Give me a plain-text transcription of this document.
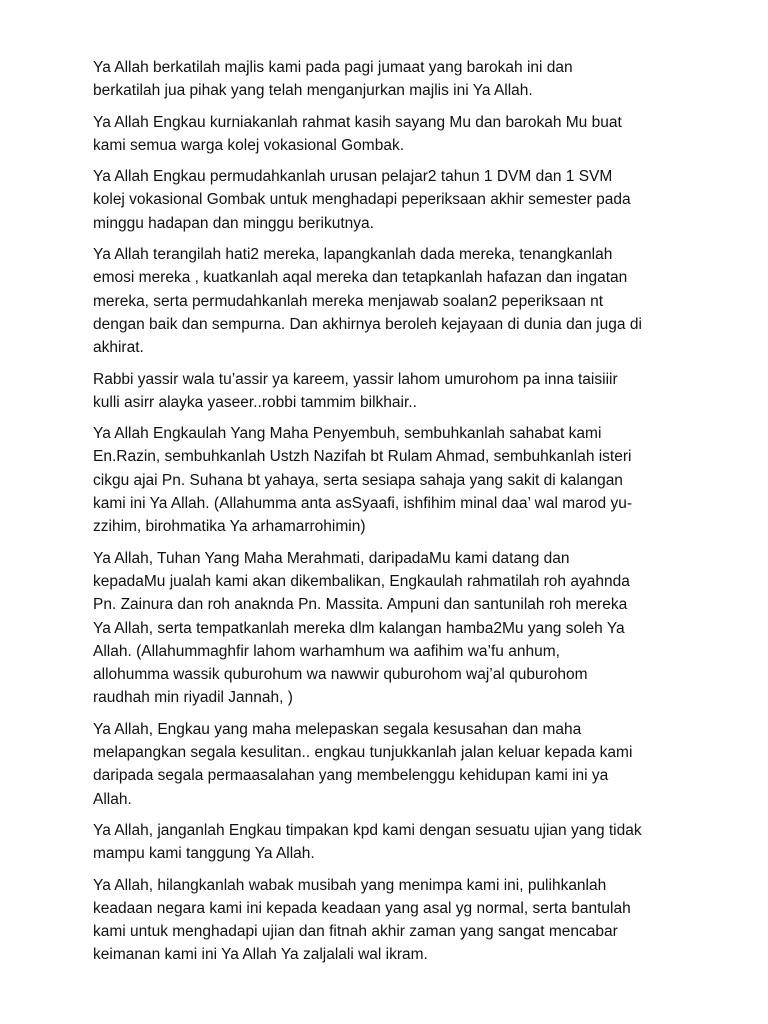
Ya Allah berkatilah majlis kami pada pagi jumaat yang barokah ini dan
berkatilah jua pihak yang telah menganjurkan majlis ini Ya Allah.

Ya Allah Engkau kurniakanlah rahmat kasih sayang Mu dan barokah Mu buat
kami semua warga kolej vokasional Gombak.

Ya Allah Engkau permudahkanlah urusan pelajar2 tahun 1 DVM dan 1 SVM
kolej vokasional Gombak untuk menghadapi peperiksaan akhir semester pada
minggu hadapan dan minggu berikutnya.

Ya Allah terangilah hati2 mereka, lapangkanlah dada mereka, tenangkanlah
emosi mereka , kuatkanlah aqal mereka dan tetapkanlah hafazan dan ingatan
mereka, serta permudahkanlah mereka menjawab soalan2 peperiksaan nt
dengan baik dan sempurna. Dan akhirnya beroleh kejayaan di dunia dan juga di
akhirat.

Rabbi yassir wala tu’assir ya kareem, yassir lahom umurohom pa inna taisiiir
kulli asirr alayka yaseer..robbi tammim bilkhair..

Ya Allah Engkaulah Yang Maha Penyembuh, sembuhkanlah sahabat kami
En.Razin, sembuhkanlah Ustzh Nazifah bt Rulam Ahmad, sembuhkanlah isteri
cikgu ajai Pn. Suhana bt yahaya, serta sesiapa sahaja yang sakit di kalangan
kami ini Ya Allah. (Allahumma anta asSyaafi, ishfihim minal daa’ wal marod yu-
zzihim, birohmatika Ya arhamarrohimin)

Ya Allah, Tuhan Yang Maha Merahmati, daripadaMu kami datang dan
kepadaMu jualah kami akan dikembalikan, Engkaulah rahmatilah roh ayahnda
Pn. Zainura dan roh anaknda Pn. Massita. Ampuni dan santunilah roh mereka
Ya Allah, serta tempatkanlah mereka dlm kalangan hamba2Mu yang soleh Ya
Allah. (Allahummaghfir lahom warhamhum wa aafihim wa’fu anhum,
allohumma wassik quburohum wa nawwir quburohom waj’al quburohom
raudhah min riyadil Jannah, )

Ya Allah, Engkau yang maha melepaskan segala kesusahan dan maha
melapangkan segala kesulitan.. engkau tunjukkanlah jalan keluar kepada kami
daripada segala permaasalahan yang membelenggu kehidupan kami ini ya
Allah.

Ya Allah, janganlah Engkau timpakan kpd kami dengan sesuatu ujian yang tidak
mampu kami tanggung Ya Allah.

Ya Allah, hilangkanlah wabak musibah yang menimpa kami ini, pulihkanlah
keadaan negara kami ini kepada keadaan yang asal yg normal, serta bantulah
kami untuk menghadapi ujian dan fitnah akhir zaman yang sangat mencabar
keimanan kami ini Ya Allah Ya zaljalali wal ikram.
